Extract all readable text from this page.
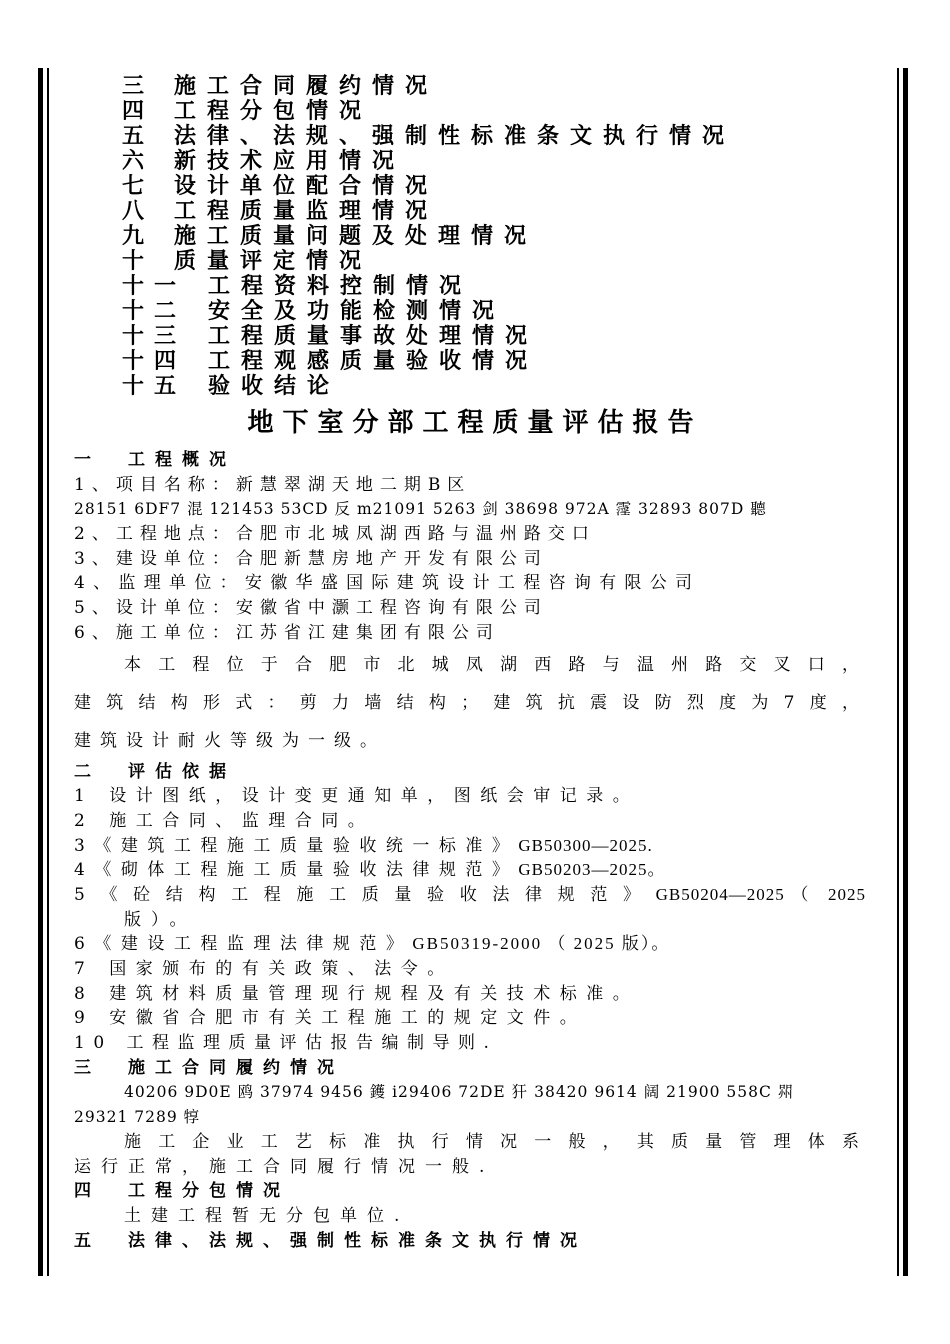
三 施工合同履约情况
四 工程分包情况
五 法律、法规、强制性标准条文执行情况
六 新技术应用情况
七 设计单位配合情况
八 工程质量监理情况
九 施工质量问题及处理情况
十 质量评定情况
十一 工程资料控制情况
十二 安全及功能检测情况
十三 工程质量事故处理情况
十四 工程观感质量验收情况
十五 验收结论
地下室分部工程质量评估报告
一　工程概况
1、项目名称：新慧翠湖天地二期B区
28151 6DF7 混 121453 53CD 反 m21091 5263 剑 38698 972A 霪 32893 807D 聽
2、工程地点：合肥市北城凤湖西路与温州路交口
3、建设单位：合肥新慧房地产开发有限公司
4、监理单位：安徽华盛国际建筑设计工程咨询有限公司
5、设计单位：安徽省中灏工程咨询有限公司
6、施工单位：江苏省江建集团有限公司
本工程位于合肥市北城凤湖西路与温州路交叉口，
建筑结构形式：剪力墙结构；建筑抗震设防烈度为7度，
建筑设计耐火等级为一级。
二　评估依据
1 设计图纸，设计变更通知单，图纸会审记录。
2 施工合同、监理合同。
3《建筑工程施工质量验收统一标准》GB50300—2025.
4《砌体工程施工质量验收法律规范》GB50203—2025。
5《砼结构工程施工质量验收法律规范》GB50204—2025（ 2025
版）。
6《建设工程监理法律规范》GB50319-2000 （ 2025 版）。
7 国家颁布的有关政策、法令。
8 建筑材料质量管理现行规程及有关技术标准。
9 安徽省合肥市有关工程施工的规定文件。
10 工程监理质量评估报告编制导则.
三　施工合同履约情况
40206 9D0E 鸥 37974 9456 鑊 i29406 72DE 犴 38420 9614 阔 21900 558C 喌
29321 7289 犉
施工企业工艺标准执行情况一般，其质量管理体系
运行正常，施工合同履行情况一般.
四　工程分包情况
土建工程暂无分包单位.
五　法律、法规、强制性标准条文执行情况
